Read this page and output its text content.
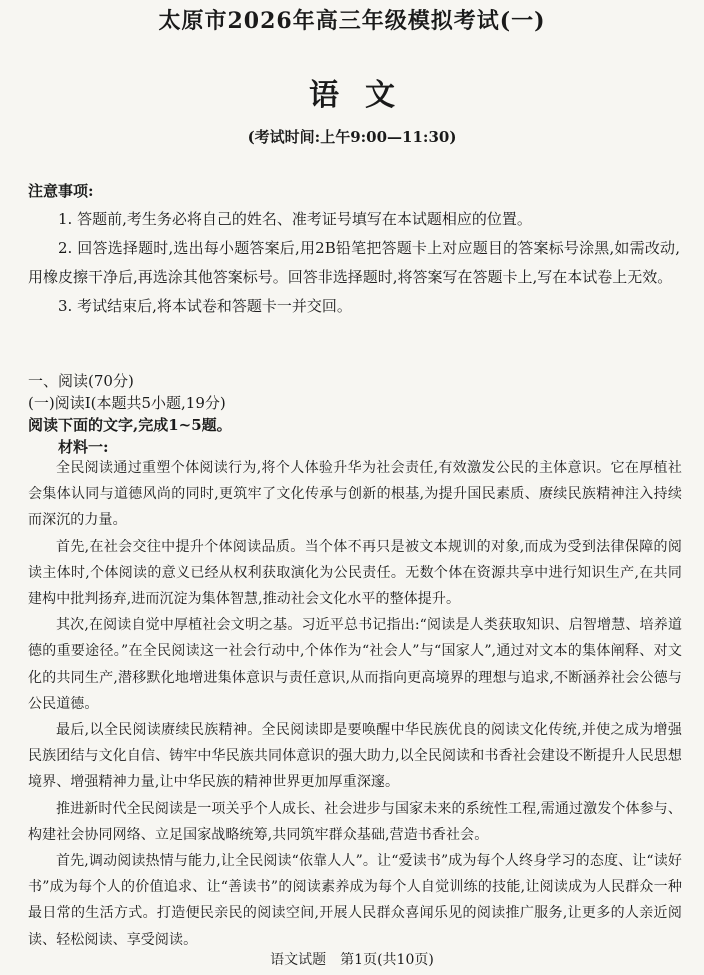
太原市2026年高三年级模拟考试(一)
语文
(考试时间:上午9:00—11:30)
注意事项:

1. 答题前,考生务必将自己的姓名、准考证号填写在本试题相应的位置。

2. 回答选择题时,选出每小题答案后,用2B铅笔把答题卡上对应题目的答案标号涂黑,如需改动,用橡皮擦干净后,再选涂其他答案标号。回答非选择题时,将答案写在答题卡上,写在本试卷上无效。

3. 考试结束后,将本试卷和答题卡一并交回。

一、阅读(70分)
(一)阅读Ⅰ(本题共5小题,19分)
阅读下面的文字,完成1~5题。
材料一:

全民阅读通过重塑个体阅读行为,将个人体验升华为社会责任,有效激发公民的主体意识。它在厚植社会集体认同与道德风尚的同时,更筑牢了文化传承与创新的根基,为提升国民素质、赓续民族精神注入持续而深沉的力量。

首先,在社会交往中提升个体阅读品质。当个体不再只是被文本规训的对象,而成为受到法律保障的阅读主体时,个体阅读的意义已经从权利获取演化为公民责任。无数个体在资源共享中进行知识生产,在共同建构中批判扬弃,进而沉淀为集体智慧,推动社会文化水平的整体提升。

其次,在阅读自觉中厚植社会文明之基。习近平总书记指出:“阅读是人类获取知识、启智增慧、培养道德的重要途径。”在全民阅读这一社会行动中,个体作为“社会人”与“国家人”,通过对文本的集体阐释、对文化的共同生产,潜移默化地增进集体意识与责任意识,从而指向更高境界的理想与追求,不断涵养社会公德与公民道德。

最后,以全民阅读赓续民族精神。全民阅读即是要唤醒中华民族优良的阅读文化传统,并使之成为增强民族团结与文化自信、铸牢中华民族共同体意识的强大助力,以全民阅读和书香社会建设不断提升人民思想境界、增强精神力量,让中华民族的精神世界更加厚重深邃。

推进新时代全民阅读是一项关乎个人成长、社会进步与国家未来的系统性工程,需通过激发个体参与、构建社会协同网络、立足国家战略统筹,共同筑牢群众基础,营造书香社会。

首先,调动阅读热情与能力,让全民阅读“依靠人人”。让“爱读书”成为每个人终身学习的态度、让“读好书”成为每个人的价值追求、让“善读书”的阅读素养成为每个人自觉训练的技能,让阅读成为人民群众一种最日常的生活方式。打造便民亲民的阅读空间,开展人民群众喜闻乐见的阅读推广服务,让更多的人亲近阅读、轻松阅读、享受阅读。

语文试题　第1页(共10页)
